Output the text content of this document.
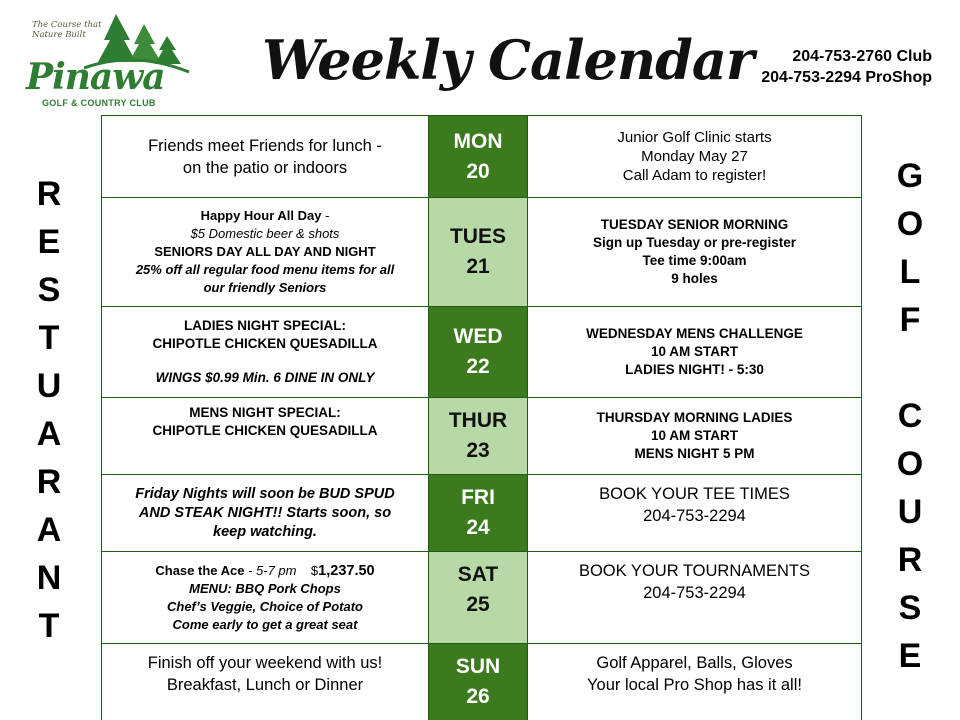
The Course that Nature Built
Pinawa
GOLF & COUNTRY CLUB
Weekly Calendar	204-753-2760 Club
204-753-2294 ProShop
R
E
S
T
U
A
R
A
N
T
G
O
L
F
C
O
U
R
S
E
Friends meet Friends for lunch -
on the patio or indoors	MON
20	Junior Golf Clinic starts
Monday May 27
Call Adam to register!

Happy Hour All Day -
$5 Domestic beer & shots
SENIORS DAY ALL DAY AND NIGHT
25% off all regular food menu items for all
our friendly Seniors	TUES
21	TUESDAY SENIOR MORNING
Sign up Tuesday or pre-register
Tee time 9:00am
9 holes

LADIES NIGHT SPECIAL:
CHIPOTLE CHICKEN QUESADILLA
WINGS $0.99 Min. 6 DINE IN ONLY	WED
22	WEDNESDAY MENS CHALLENGE
10 AM START
LADIES NIGHT! - 5:30

MENS NIGHT SPECIAL:
CHIPOTLE CHICKEN QUESADILLA	THUR
23	THURSDAY MORNING LADIES
10 AM START
MENS NIGHT 5 PM

Friday Nights will soon be BUD SPUD
AND STEAK NIGHT!! Starts soon, so
keep watching.	FRI
24	BOOK YOUR TEE TIMES
204-753-2294

Chase the Ace - 5-7 pm    $1,237.50
MENU: BBQ Pork Chops
Chef’s Veggie, Choice of Potato
Come early to get a great seat	SAT
25	BOOK YOUR TOURNAMENTS
204-753-2294

Finish off your weekend with us!
Breakfast, Lunch or Dinner	SUN
26	Golf Apparel, Balls, Gloves
Your local Pro Shop has it all!
